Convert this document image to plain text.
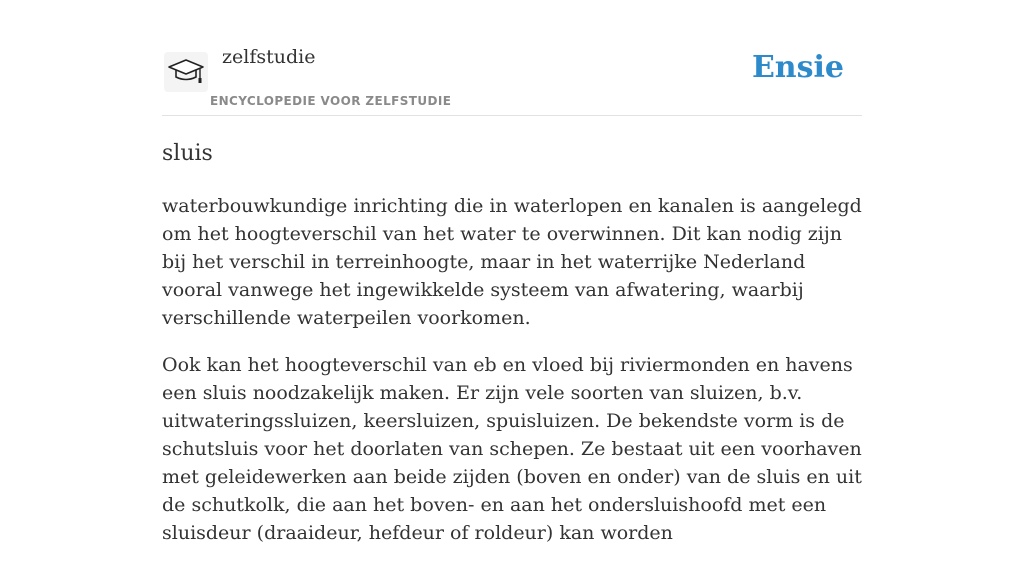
zelfstudie
ENCYCLOPEDIE VOOR ZELFSTUDIE
Ensie
sluis

waterbouwkundige inrichting die in waterlopen en kanalen is aangelegd om het hoogteverschil van het water te overwinnen. Dit kan nodig zijn bij het verschil in terreinhoogte, maar in het waterrijke Nederland vooral vanwege het ingewikkelde systeem van afwatering, waarbij verschillende waterpeilen voorkomen.

Ook kan het hoogteverschil van eb en vloed bij riviermonden en havens een sluis noodzakelijk maken. Er zijn vele soorten van sluizen, b.v. uitwateringssluizen, keersluizen, spuisluizen. De bekendste vorm is de schutsluis voor het doorlaten van schepen. Ze bestaat uit een voorhaven met geleidewerken aan beide zijden (boven en onder) van de sluis en uit de schutkolk, die aan het boven- en aan het ondersluishoofd met een sluisdeur (draaideur, hefdeur of roldeur) kan worden
